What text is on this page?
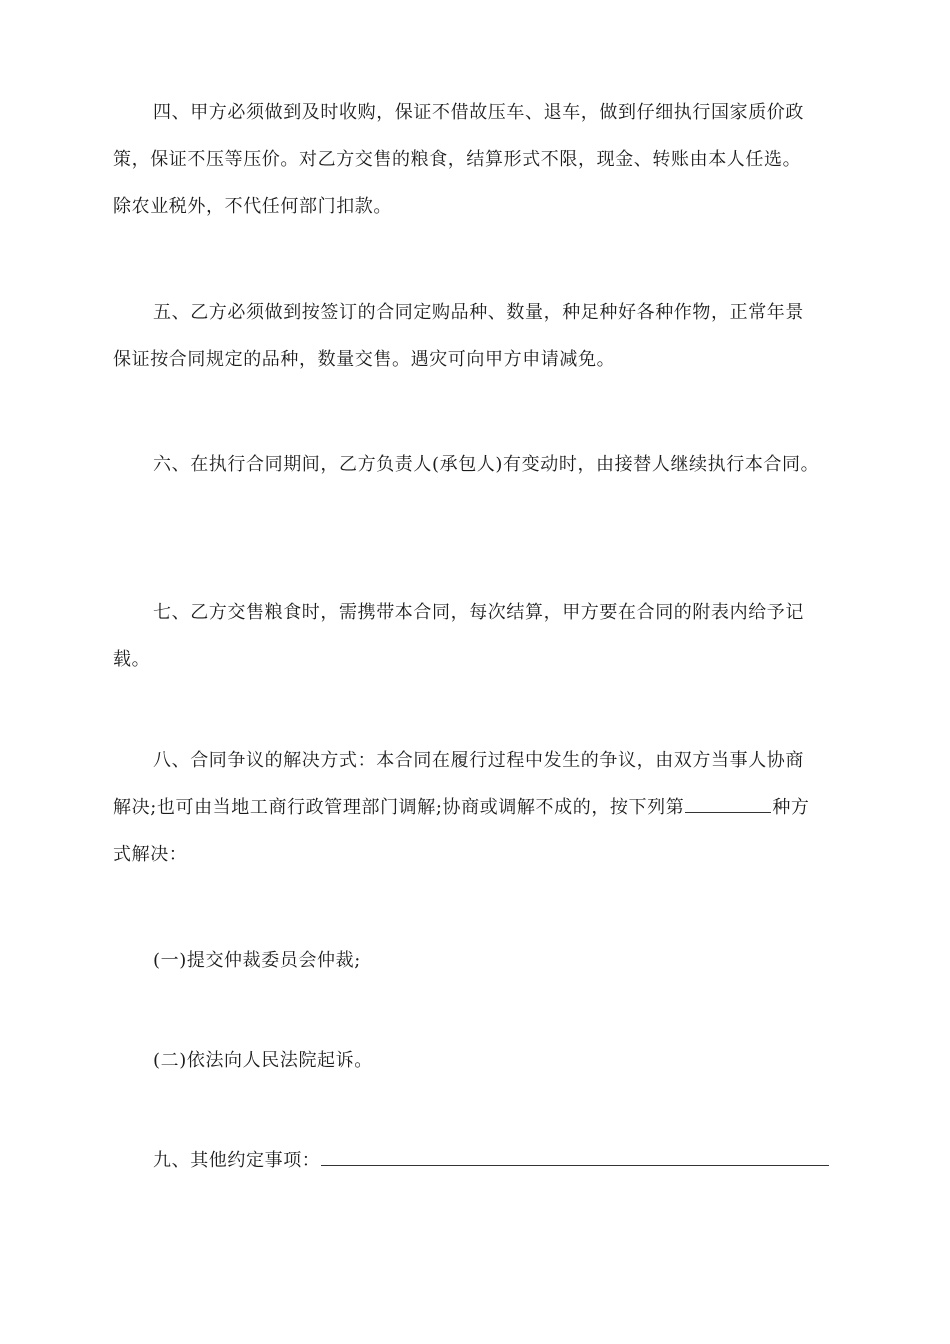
四、甲方必须做到及时收购，保证不借故压车、退车，做到仔细执行国家质价政
策，保证不压等压价。对乙方交售的粮食，结算形式不限，现金、转账由本人任选。
除农业税外，不代任何部门扣款。
五、乙方必须做到按签订的合同定购品种、数量，种足种好各种作物，正常年景
保证按合同规定的品种，数量交售。遇灾可向甲方申请减免。
六、在执行合同期间，乙方负责人(承包人)有变动时，由接替人继续执行本合同。
七、乙方交售粮食时，需携带本合同，每次结算，甲方要在合同的附表内给予记
载。
八、合同争议的解决方式：本合同在履行过程中发生的争议，由双方当事人协商
解决;也可由当地工商行政管理部门调解;协商或调解不成的，按下列第	种方
式解决：
(一)提交仲裁委员会仲裁;
(二)依法向人民法院起诉。
九、其他约定事项：
